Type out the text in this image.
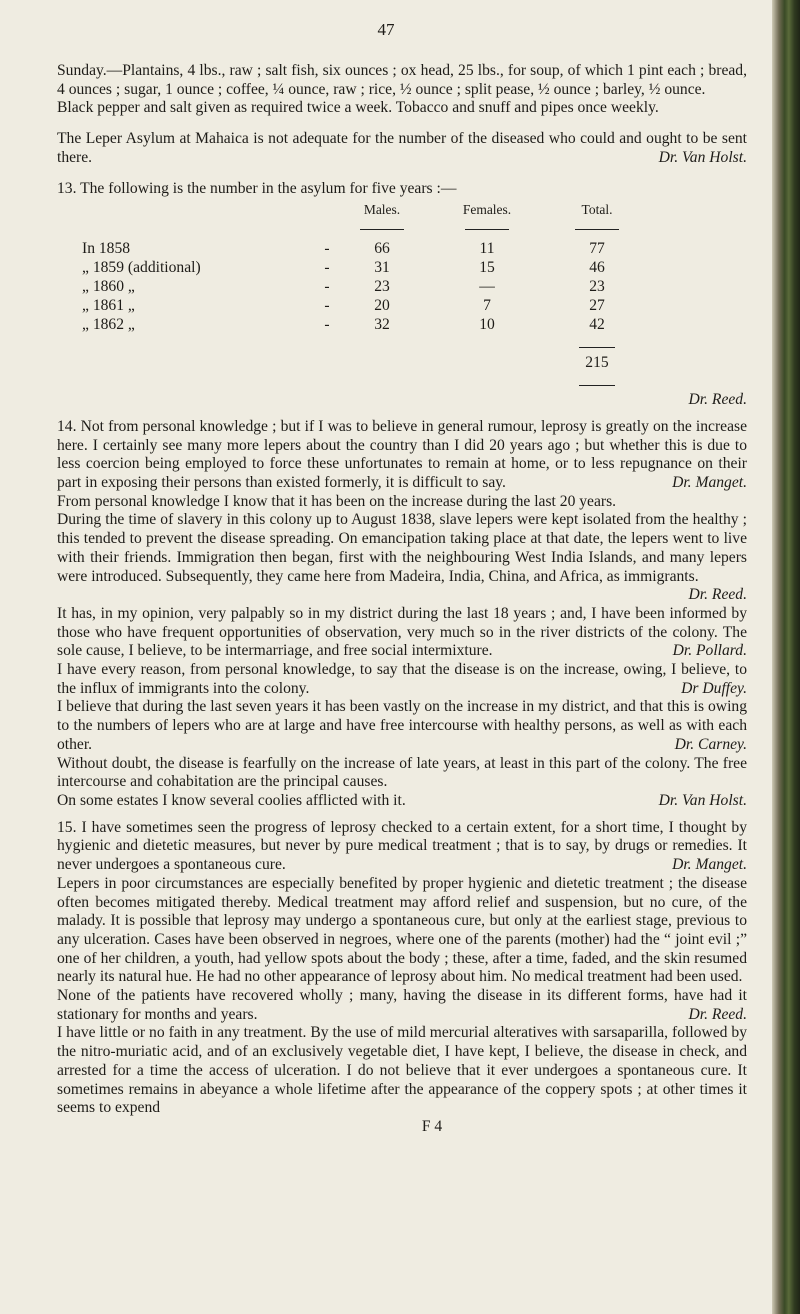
47

Sunday.—Plantains, 4 lbs., raw ; salt fish, six ounces ; ox head, 25 lbs., for soup, of which 1 pint each ; bread, 4 ounces ; sugar, 1 ounce ; coffee, ¼ ounce, raw ; rice, ½ ounce ; split pease, ½ ounce ; barley, ½ ounce.

Black pepper and salt given as required twice a week. Tobacco and snuff and pipes once weekly.

The Leper Asylum at Mahaica is not adequate for the number of the diseased who could and ought to be sent there.	Dr. Van Holst.

13. The following is the number in the asylum for five years :—

		Males.	Females.	Total.	

In 1858	-	66	11	77	
„ 1859 (additional)	-	31	15	46	
„ 1860 „	-	23	—	23	
„ 1861 „	-	20	7	27	
„ 1862 „	-	32	10	42	

				215	

Dr. Reed.

14. Not from personal knowledge ; but if I was to believe in general rumour, leprosy is greatly on the increase here. I certainly see many more lepers about the country than I did 20 years ago ; but whether this is due to less coercion being employed to force these unfortunates to remain at home, or to less repugnance on their part in exposing their persons than existed formerly, it is difficult to say.	Dr. Manget.

From personal knowledge I know that it has been on the increase during the last 20 years.

During the time of slavery in this colony up to August 1838, slave lepers were kept isolated from the healthy ; this tended to prevent the disease spreading. On emancipation taking place at that date, the lepers went to live with their friends. Immigration then began, first with the neighbouring West India Islands, and many lepers were introduced. Subsequently, they came here from Madeira, India, China, and Africa, as immigrants.

Dr. Reed.

It has, in my opinion, very palpably so in my district during the last 18 years ; and, I have been informed by those who have frequent opportunities of observation, very much so in the river districts of the colony. The sole cause, I believe, to be intermarriage, and free social intermixture.	Dr. Pollard.

I have every reason, from personal knowledge, to say that the disease is on the increase, owing, I believe, to the influx of immigrants into the colony.	Dr Duffey.

I believe that during the last seven years it has been vastly on the increase in my district, and that this is owing to the numbers of lepers who are at large and have free intercourse with healthy persons, as well as with each other.	Dr. Carney.

Without doubt, the disease is fearfully on the increase of late years, at least in this part of the colony. The free intercourse and cohabitation are the principal causes.

On some estates I know several coolies afflicted with it.	Dr. Van Holst.

15. I have sometimes seen the progress of leprosy checked to a certain extent, for a short time, I thought by hygienic and dietetic measures, but never by pure medical treatment ; that is to say, by drugs or remedies. It never undergoes a spontaneous cure.	Dr. Manget.

Lepers in poor circumstances are especially benefited by proper hygienic and dietetic treatment ; the disease often becomes mitigated thereby. Medical treatment may afford relief and suspension, but no cure, of the malady. It is possible that leprosy may undergo a spontaneous cure, but only at the earliest stage, previous to any ulceration. Cases have been observed in negroes, where one of the parents (mother) had the “ joint evil ;” one of her children, a youth, had yellow spots about the body ; these, after a time, faded, and the skin resumed nearly its natural hue. He had no other appearance of leprosy about him. No medical treatment had been used.

None of the patients have recovered wholly ; many, having the disease in its different forms, have had it stationary for months and years.	Dr. Reed.

I have little or no faith in any treatment. By the use of mild mercurial alteratives with sarsaparilla, followed by the nitro-muriatic acid, and of an exclusively vegetable diet, I have kept, I believe, the disease in check, and arrested for a time the access of ulceration. I do not believe that it ever undergoes a spontaneous cure. It sometimes remains in abeyance a whole lifetime after the appearance of the coppery spots ; at other times it seems to expend

F 4
